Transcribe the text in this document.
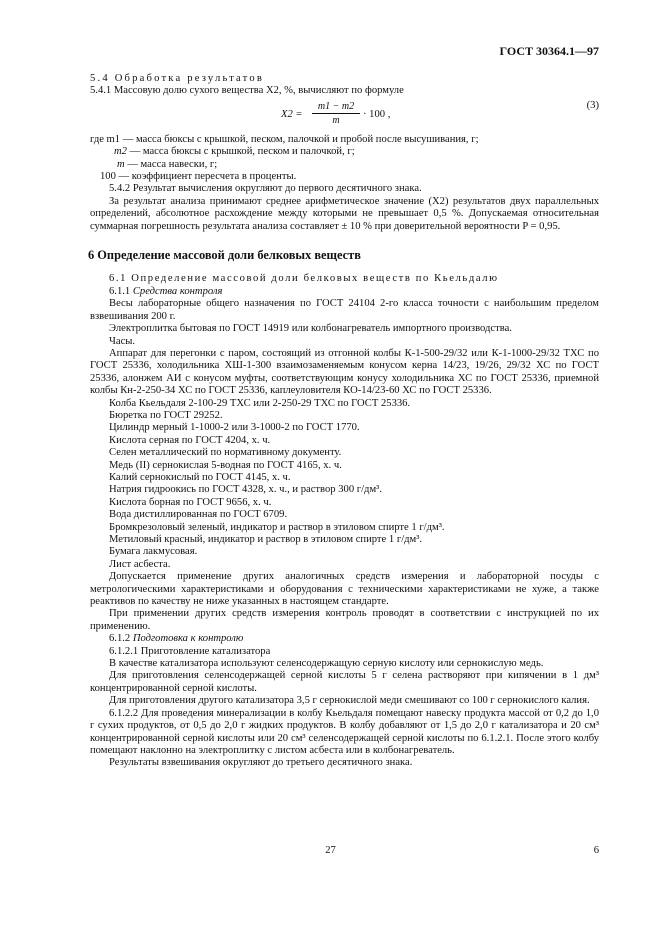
ГОСТ 30364.1—97

5.4 Обработка результатов

5.4.1 Массовую долю сухого вещества X2, %, вычисляют по формуле

$X2 = \frac{m1 - m2}{m} \cdot 100$ ,
(3)

где m1 — масса бюксы с крышкой, песком, палочкой и пробой после высушивания, г;

m2 — масса бюксы с крышкой, песком и палочкой, г;

m — масса навески, г;

100 — коэффициент пересчета в проценты.

5.4.2 Результат вычисления округляют до первого десятичного знака.

За результат анализа принимают среднее арифметическое значение (X2) результатов двух параллельных определений, абсолютное расхождение между которыми не превышает 0,5 %. Допускаемая относительная суммарная погрешность результата анализа составляет ± 10 % при доверительной вероятности P = 0,95.

6 Определение массовой доли белковых веществ

6.1 Определение массовой доли белковых веществ по Кьельдалю

6.1.1 Средства контроля

Весы лабораторные общего назначения по ГОСТ 24104 2-го класса точности с наибольшим пределом взвешивания 200 г.

Электроплитка бытовая по ГОСТ 14919 или колбонагреватель импортного производства.

Часы.

Аппарат для перегонки с паром, состоящий из отгонной колбы К-1-500-29/32 или К-1-1000-29/32 ТХС по ГОСТ 25336, холодильника ХШ-1-300 взаимозаменяемым конусом керна 14/23, 19/26, 29/32 ХС по ГОСТ 25336, алонжем АИ с конусом муфты, соответствующим конусу холодильника ХС по ГОСТ 25336, приемной колбы Кн-2-250-34 ХС по ГОСТ 25336, каплеуловителя КО-14/23-60 ХС по ГОСТ 25336.

Колба Кьельдаля 2-100-29 ТХС или 2-250-29 ТХС по ГОСТ 25336.

Бюретка по ГОСТ 29252.

Цилиндр мерный 1-1000-2 или 3-1000-2 по ГОСТ 1770.

Кислота серная по ГОСТ 4204, х. ч.

Селен металлический по нормативному документу.

Медь (II) сернокислая 5-водная по ГОСТ 4165, х. ч.

Калий сернокислый по ГОСТ 4145, х. ч.

Натрия гидроокись по ГОСТ 4328, х. ч., и раствор 300 г/дм³.

Кислота борная по ГОСТ 9656, х. ч.

Вода дистиллированная по ГОСТ 6709.

Бромкрезоловый зеленый, индикатор и раствор в этиловом спирте 1 г/дм³.

Метиловый красный, индикатор и раствор в этиловом спирте 1 г/дм³.

Бумага лакмусовая.

Лист асбеста.

Допускается применение других аналогичных средств измерения и лабораторной посуды с метрологическими характеристиками и оборудования с техническими характеристиками не хуже, а также реактивов по качеству не ниже указанных в настоящем стандарте.

При применении других средств измерения контроль проводят в соответствии с инструкцией по их применению.

6.1.2 Подготовка к контролю

6.1.2.1 Приготовление катализатора

В качестве катализатора используют селенсодержащую серную кислоту или сернокислую медь.

Для приготовления селенсодержащей серной кислоты 5 г селена растворяют при кипячении в 1 дм³ концентрированной серной кислоты.

Для приготовления другого катализатора 3,5 г сернокислой меди смешивают со 100 г сернокислого калия.

6.1.2.2 Для проведения минерализации в колбу Кьельдаля помещают навеску продукта массой от 0,2 до 1,0 г сухих продуктов, от 0,5 до 2,0 г жидких продуктов. В колбу добавляют от 1,5 до 2,0 г катализатора и 20 см³ концентрированной серной кислоты или 20 см³ селенсодержащей серной кислоты по 6.1.2.1. После этого колбу помещают наклонно на электроплитку с листом асбеста или в колбонагреватель.

Результаты взвешивания округляют до третьего десятичного знака.

27	6
